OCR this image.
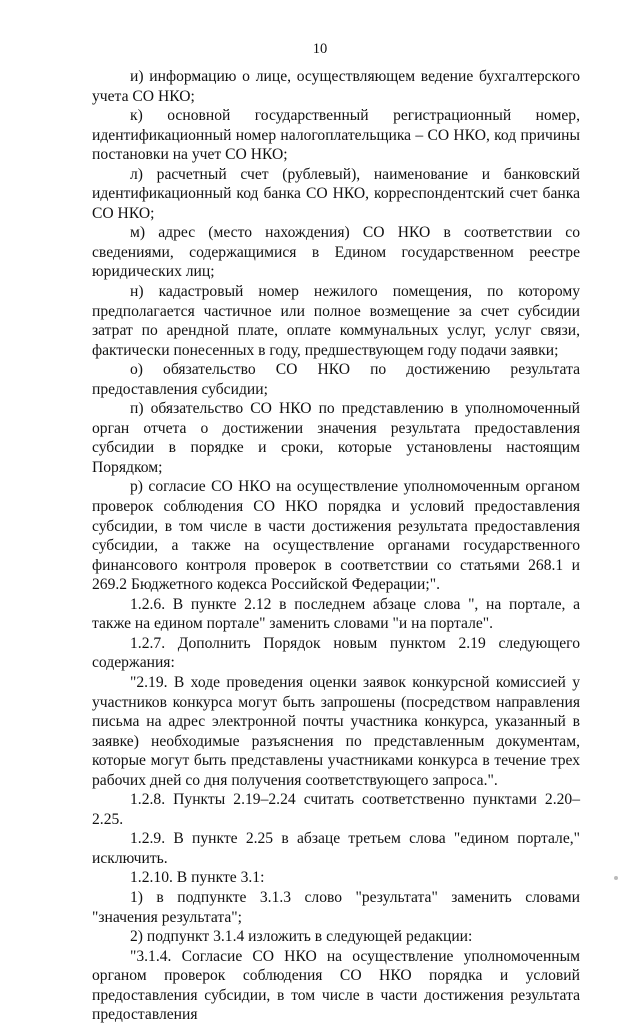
10

и) информацию о лице, осуществляющем ведение бухгалтерского учета СО НКО;

к) основной государственный регистрационный номер, идентификационный номер налогоплательщика – СО НКО, код причины постановки на учет СО НКО;

л) расчетный счет (рублевый), наименование и банковский идентификационный код банка СО НКО, корреспондентский счет банка СО НКО;

м) адрес (место нахождения) СО НКО в соответствии со сведениями, содержащимися в Едином государственном реестре юридических лиц;

н) кадастровый номер нежилого помещения, по которому предполагается частичное или полное возмещение за счет субсидии затрат по арендной плате, оплате коммунальных услуг, услуг связи, фактически понесенных в году, предшествующем году подачи заявки;

о) обязательство СО НКО по достижению результата предоставления субсидии;

п) обязательство СО НКО по представлению в уполномоченный орган отчета о достижении значения результата предоставления субсидии в порядке и сроки, которые установлены настоящим Порядком;

р) согласие СО НКО на осуществление уполномоченным органом проверок соблюдения СО НКО порядка и условий предоставления субсидии, в том числе в части достижения результата предоставления субсидии, а также на осуществление органами государственного финансового контроля проверок в соответствии со статьями 268.1 и 269.2 Бюджетного кодекса Российской Федерации;".

1.2.6. В пункте 2.12 в последнем абзаце слова ", на портале, а также на едином портале" заменить словами "и на портале".

1.2.7. Дополнить Порядок новым пунктом 2.19 следующего содержания:

"2.19. В ходе проведения оценки заявок конкурсной комиссией у участников конкурса могут быть запрошены (посредством направления письма на адрес электронной почты участника конкурса, указанный в заявке) необходимые разъяснения по представленным документам, которые могут быть представлены участниками конкурса в течение трех рабочих дней со дня получения соответствующего запроса.".

1.2.8. Пункты 2.19–2.24 считать соответственно пунктами 2.20–2.25.

1.2.9. В пункте 2.25 в абзаце третьем слова "едином портале," исключить.

1.2.10. В пункте 3.1:

1) в подпункте 3.1.3 слово "результата" заменить словами "значения результата";

2) подпункт 3.1.4 изложить в следующей редакции:

"3.1.4. Согласие СО НКО на осуществление уполномоченным органом проверок соблюдения СО НКО порядка и условий предоставления субсидии, в том числе в части достижения результата предоставления
